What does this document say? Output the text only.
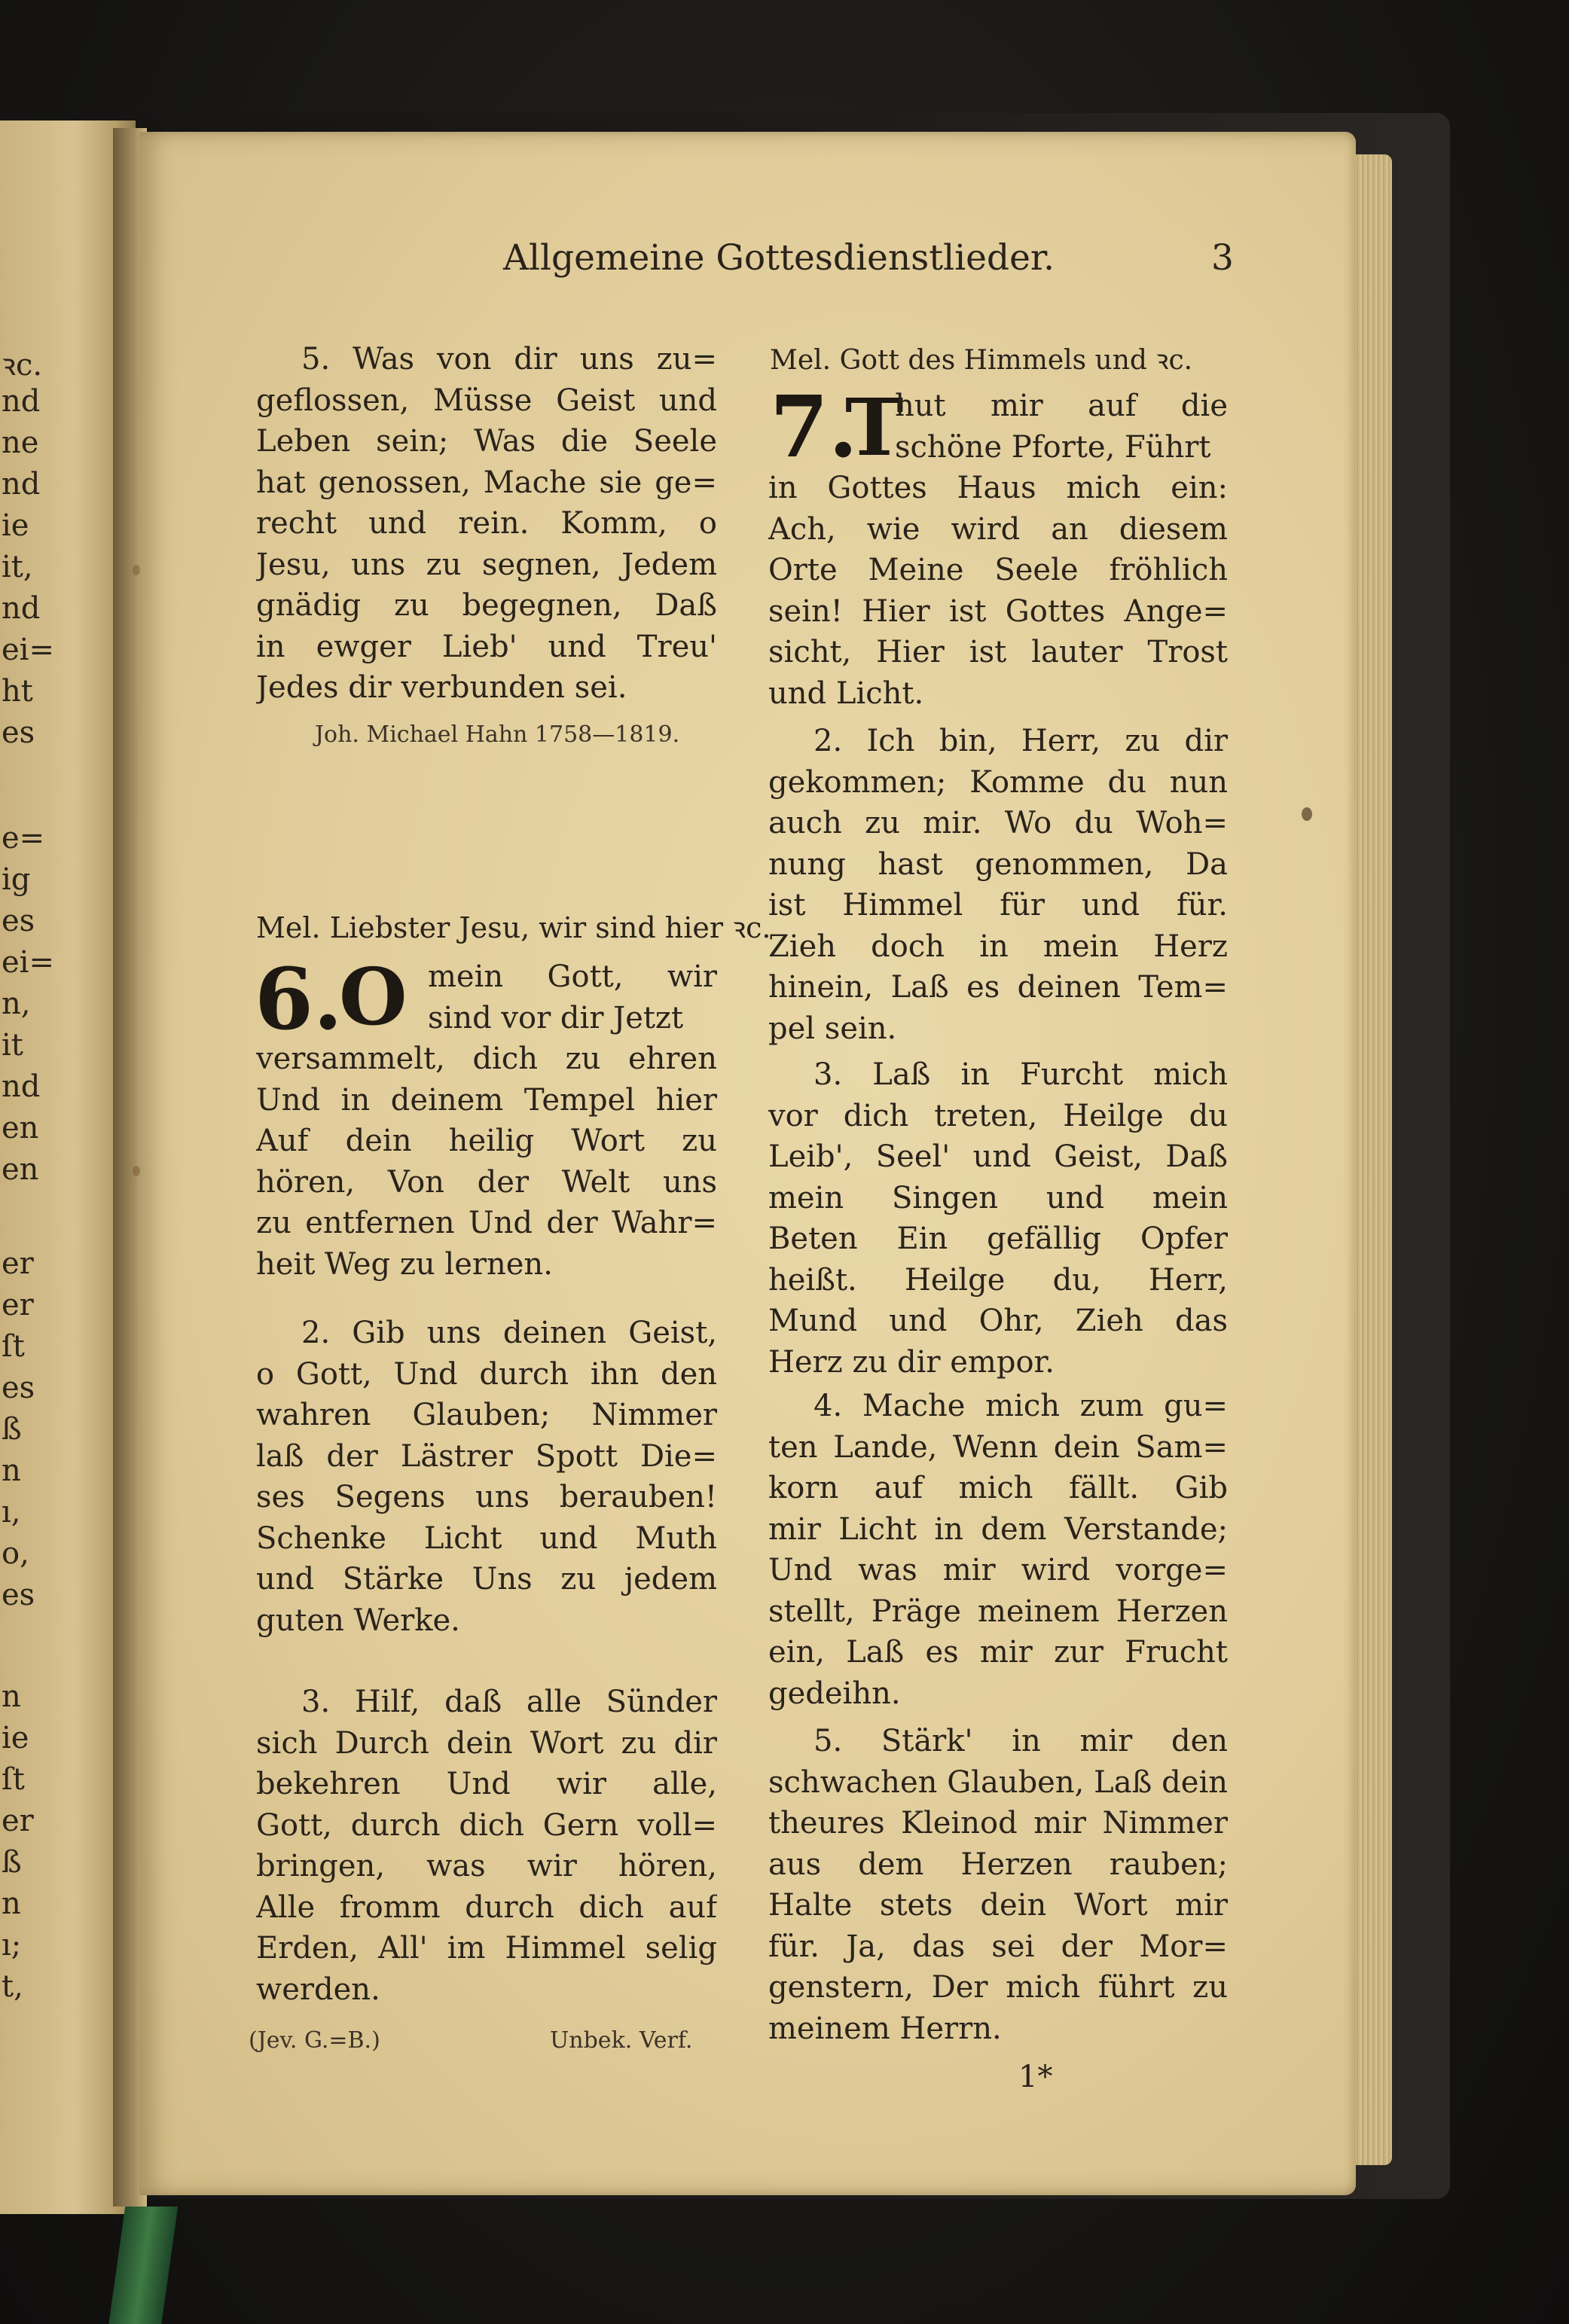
ꝛc.
nd
ne
nd
ie
it,
nd
ei=
ht
es
e=
ig
es
ei=
n,
it
nd
en
en
er
er
ſt
es
ß
n
ı,
o,
es
n
ie
ſt
er
ß
n
ı;
t,
Allgemeine Gottesdienstlieder.	3
5. Was von dir uns zu=
geflossen, Müsse Geist und
Leben sein; Was die Seele
hat genossen, Mache sie ge=
recht und rein. Komm, o
Jesu, uns zu segnen, Jedem
gnädig zu begegnen, Daß
in ewger Lieb' und Treu'
Jedes dir verbunden sei.
Joh. Michael Hahn 1758—1819.
Mel. Liebster Jesu, wir sind hier ꝛc.
6.
O mein Gott, wir
sind vor dir Jetzt
versammelt, dich zu ehren
Und in deinem Tempel hier
Auf dein heilig Wort zu
hören, Von der Welt uns
zu entfernen Und der Wahr=
heit Weg zu lernen.
2. Gib uns deinen Geist,
o Gott, Und durch ihn den
wahren Glauben; Nimmer
laß der Lästrer Spott Die=
ses Segens uns berauben!
Schenke Licht und Muth
und Stärke Uns zu jedem
guten Werke.
3. Hilf, daß alle Sünder
sich Durch dein Wort zu dir
bekehren Und wir alle,
Gott, durch dich Gern voll=
bringen, was wir hören,
Alle fromm durch dich auf
Erden, All' im Himmel selig
werden.
(Jev. G.=B.)	Unbek. Verf.
Mel. Gott des Himmels und ꝛc.
7.
T
hut mir auf die
schöne Pforte, Führt
in Gottes Haus mich ein:
Ach, wie wird an diesem
Orte Meine Seele fröhlich
sein! Hier ist Gottes Ange=
sicht, Hier ist lauter Trost
und Licht.
2. Ich bin, Herr, zu dir
gekommen; Komme du nun
auch zu mir. Wo du Woh=
nung hast genommen, Da
ist Himmel für und für.
Zieh doch in mein Herz
hinein, Laß es deinen Tem=
pel sein.
3. Laß in Furcht mich
vor dich treten, Heilge du
Leib', Seel' und Geist, Daß
mein Singen und mein
Beten Ein gefällig Opfer
heißt. Heilge du, Herr,
Mund und Ohr, Zieh das
Herz zu dir empor.
4. Mache mich zum gu=
ten Lande, Wenn dein Sam=
korn auf mich fällt. Gib
mir Licht in dem Verstande;
Und was mir wird vorge=
stellt, Präge meinem Herzen
ein, Laß es mir zur Frucht
gedeihn.
5. Stärk' in mir den
schwachen Glauben, Laß dein
theures Kleinod mir Nimmer
aus dem Herzen rauben;
Halte stets dein Wort mir
für. Ja, das sei der Mor=
genstern, Der mich führt zu
meinem Herrn.
1*
